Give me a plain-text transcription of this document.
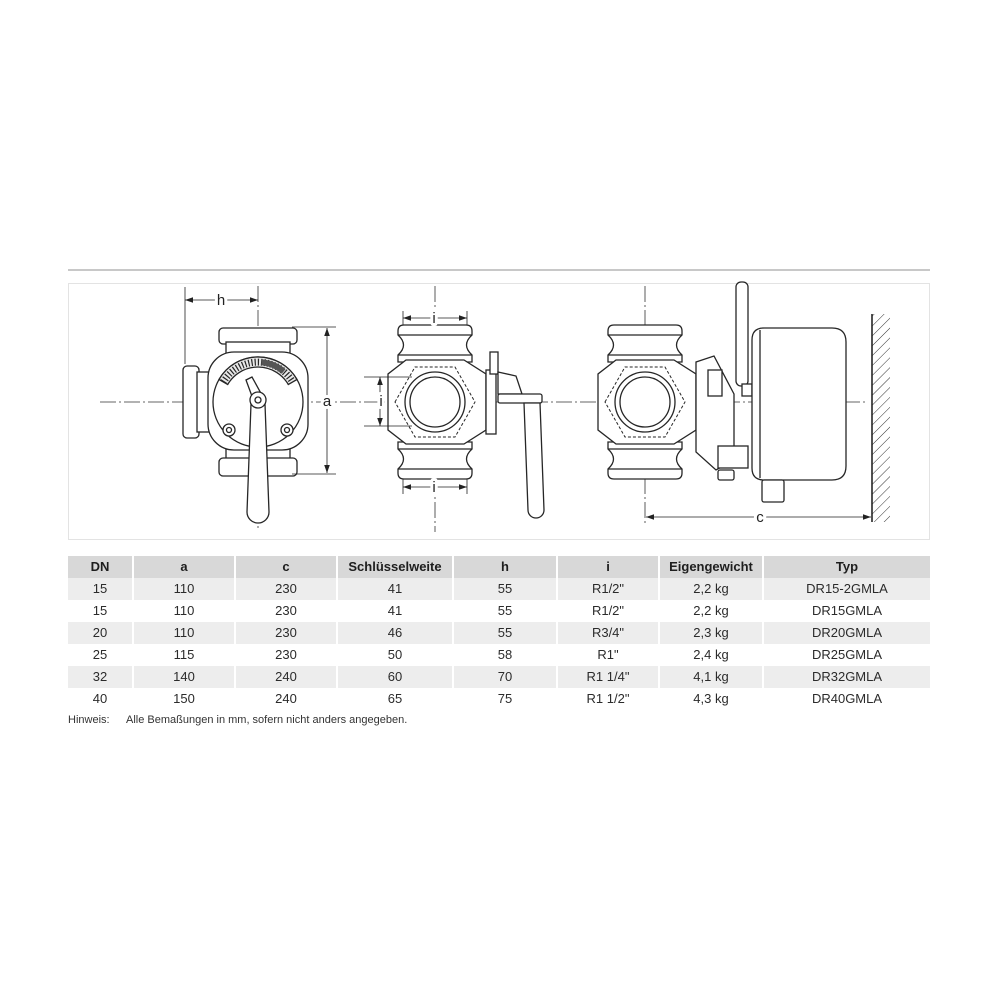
h
a
i
i
i
c
DN	a	c	Schlüsselweite	h	i	Eigengewicht	Typ
15	110	230	41	55	R1/2"	2,2 kg	DR15-2GMLA
15	110	230	41	55	R1/2"	2,2 kg	DR15GMLA
20	110	230	46	55	R3/4"	2,3 kg	DR20GMLA
25	115	230	50	58	R1"	2,4 kg	DR25GMLA
32	140	240	60	70	R1 1/4"	4,1 kg	DR32GMLA
40	150	240	65	75	R1 1/2"	4,3 kg	DR40GMLA
Hinweis: Alle Bemaßungen in mm, sofern nicht anders angegeben.
